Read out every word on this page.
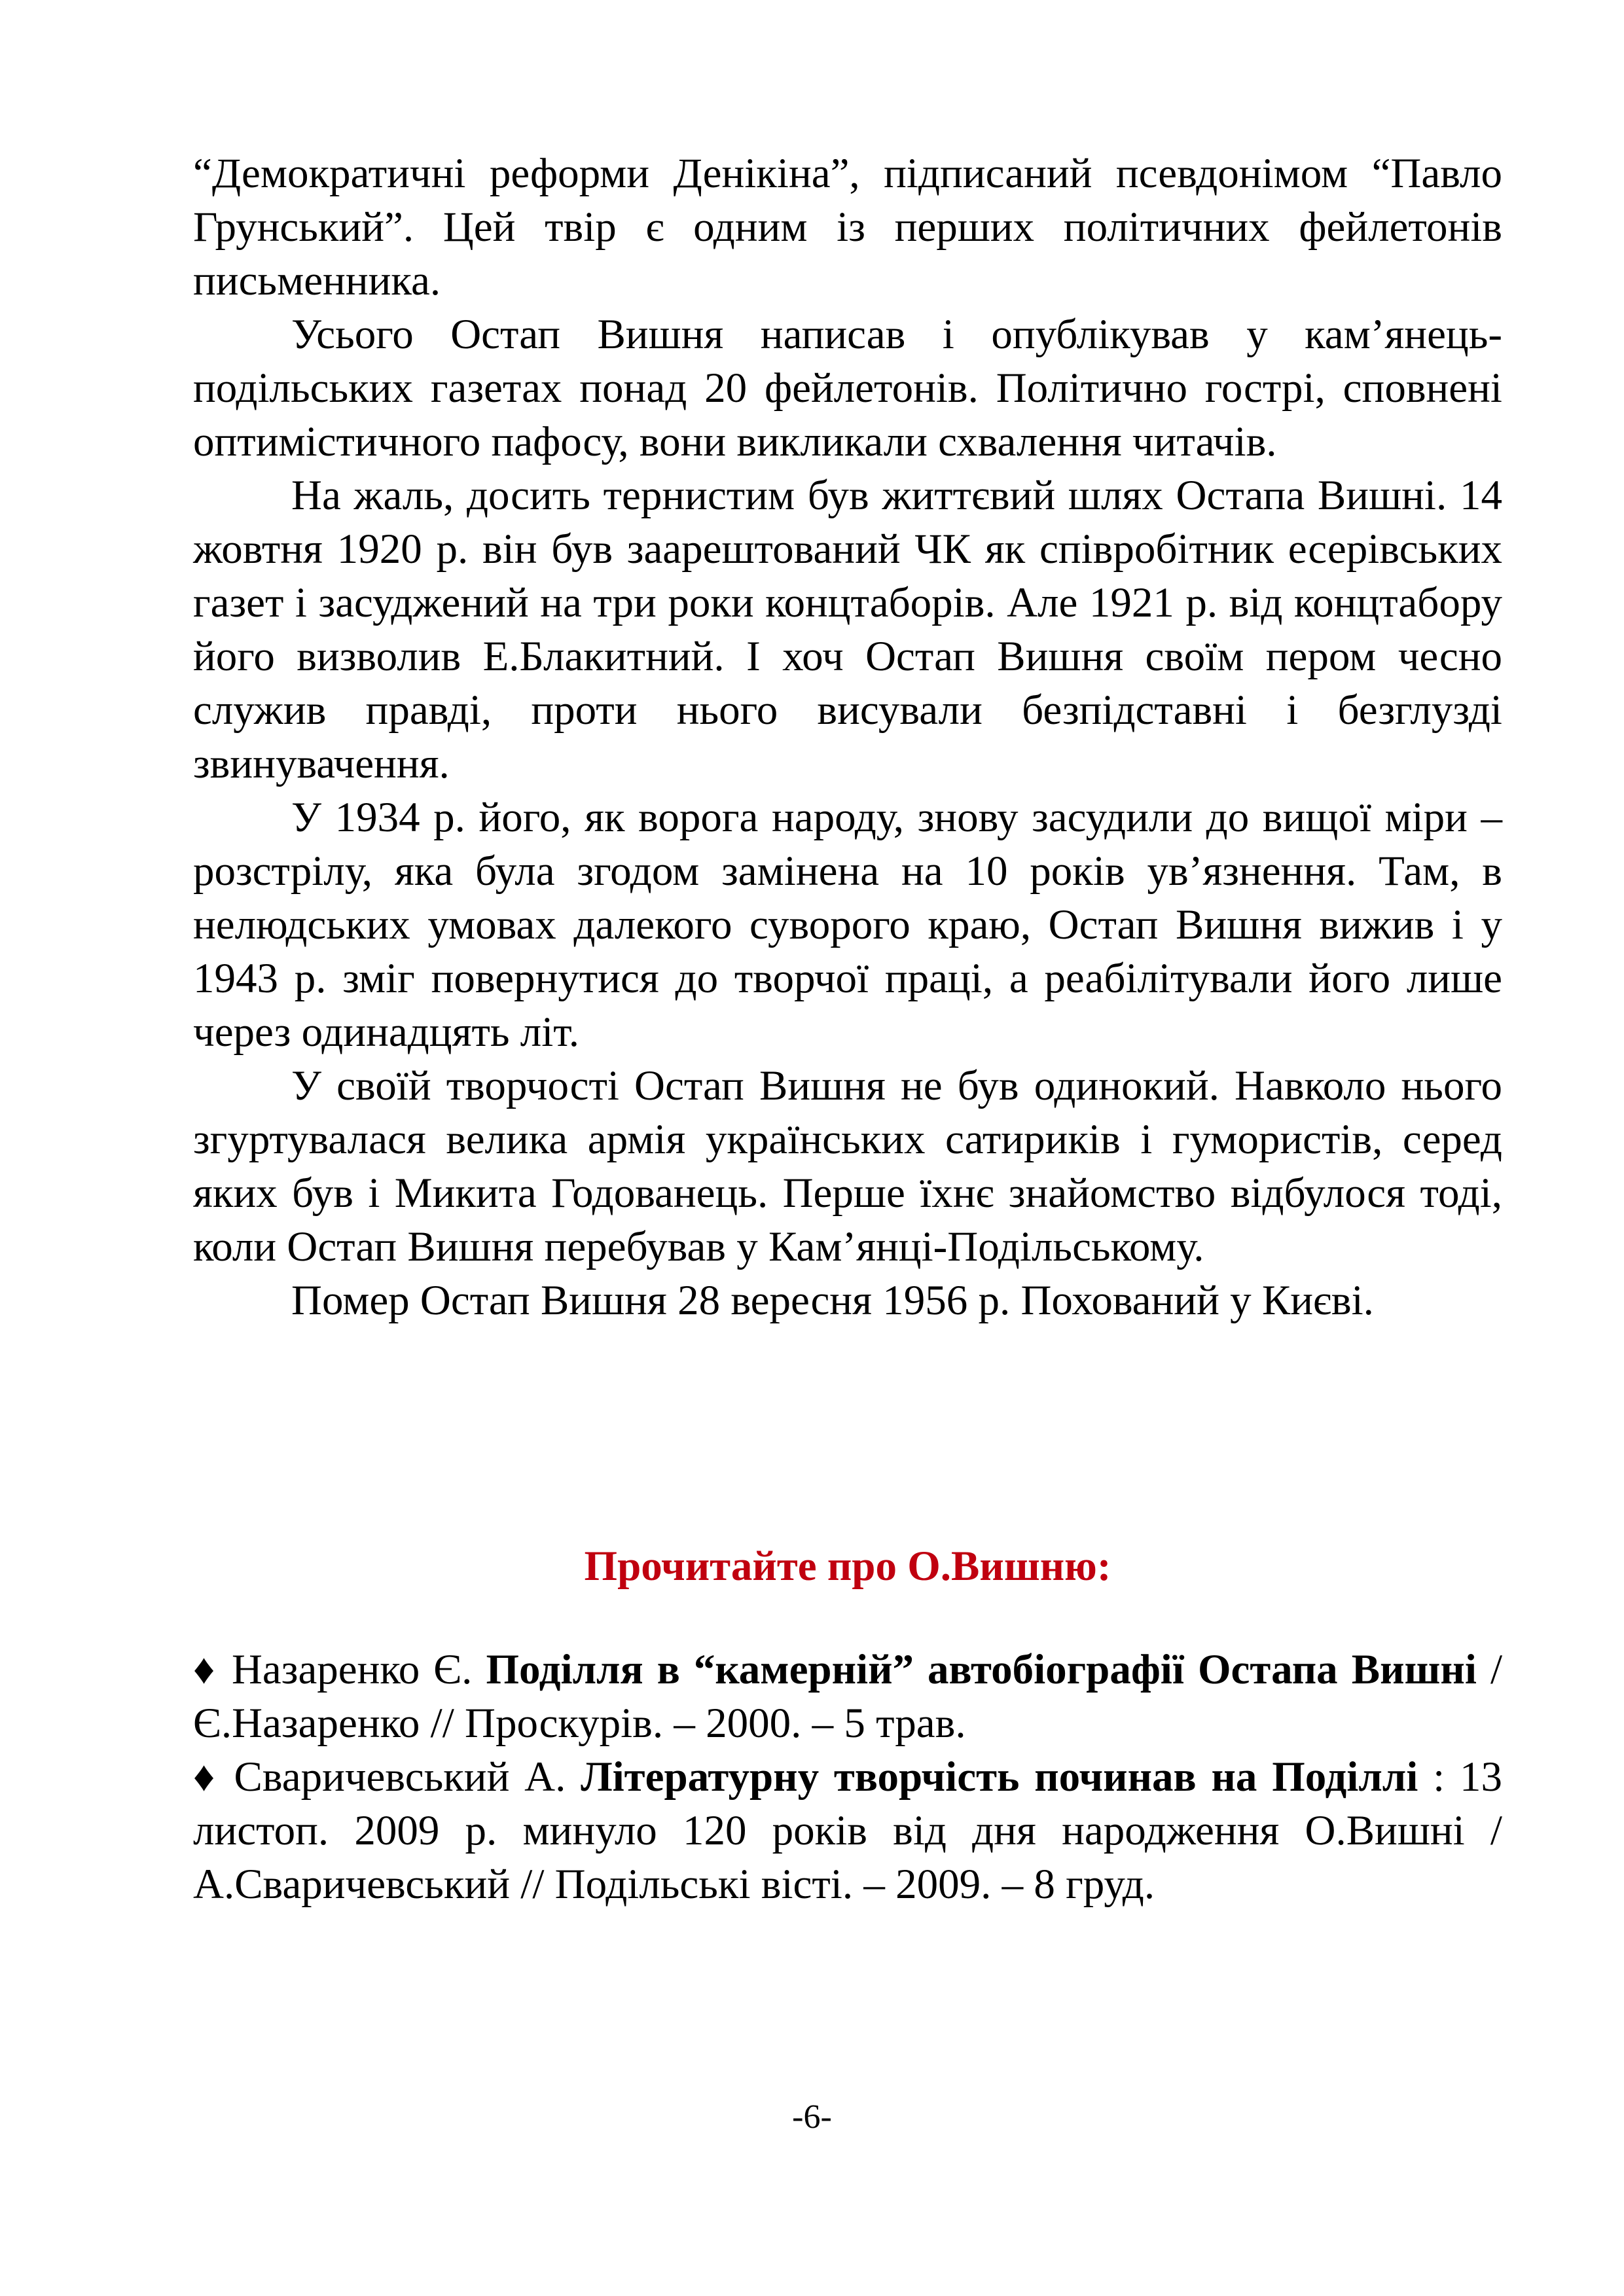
“Демократичні реформи Денікіна”, підписаний псевдонімом “Павло Грунський”. Цей твір є одним із перших політичних фейлетонів письменника.

Усього Остап Вишня написав і опублікував у кам’янець-подільських газетах понад 20 фейлетонів. Політично гострі, сповнені оптимістичного пафосу, вони викликали схвалення читачів.

На жаль, досить тернистим був життєвий шлях Остапа Вишні. 14 жовтня 1920 р. він був заарештований ЧК як співробітник есерівських газет і засуджений на три роки концтаборів. Але 1921 р. від концтабору його визволив Е.Блакитний. І хоч Остап Вишня своїм пером чесно служив правді, проти нього висували безпідставні і безглузді звинувачення.

У 1934 р. його, як ворога народу, знову засудили до вищої міри – розстрілу, яка була згодом замінена на 10 років ув’язнення. Там, в нелюдських умовах далекого суворого краю, Остап Вишня вижив і у 1943 р. зміг повернутися до творчої праці, а реабілітували його лише через одинадцять літ.

У своїй творчості Остап Вишня не був одинокий. Навколо нього згуртувалася велика армія українських сатириків і гумористів, серед яких був і Микита Годованець. Перше їхнє знайомство відбулося тоді, коли Остап Вишня перебував у Кам’янці-Подільському.

Помер Остап Вишня 28 вересня 1956 р. Похований у Києві.

Прочитайте про О.Вишню:

♦ Назаренко Є. Поділля в “камерній” автобіографії Остапа Вишні / Є.Назаренко // Проскурів. – 2000. – 5 трав.

♦ Сваричевський А. Літературну творчість починав на Поділлі : 13 листоп. 2009 р. минуло 120 років від дня народження О.Вишні / А.Сваричевський // Подільські вісті. – 2009. – 8 груд.

-6-
